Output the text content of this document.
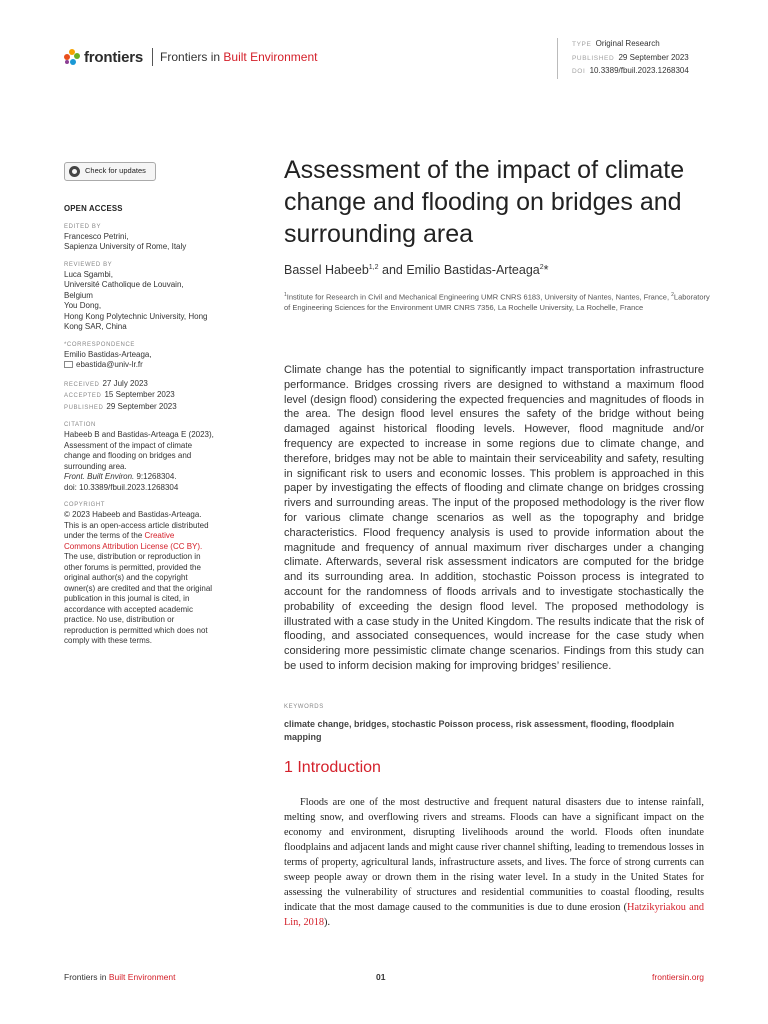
frontiers Frontiers in Built Environment
TYPE Original Research
PUBLISHED 29 September 2023
DOI 10.3389/fbuil.2023.1268304
Check for updates
OPEN ACCESS
EDITED BY
Francesco Petrini,
Sapienza University of Rome, Italy
REVIEWED BY
Luca Sgambi,
Université Catholique de Louvain,
Belgium
You Dong,
Hong Kong Polytechnic University, Hong
Kong SAR, China
*CORRESPONDENCE
Emilio Bastidas-Arteaga,
ebastida@univ-lr.fr
RECEIVED 27 July 2023
ACCEPTED 15 September 2023
PUBLISHED 29 September 2023
CITATION
Habeeb B and Bastidas-Arteaga E (2023),
Assessment of the impact of climate
change and flooding on bridges and
surrounding area.
Front. Built Environ. 9:1268304.
doi: 10.3389/fbuil.2023.1268304
COPYRIGHT
© 2023 Habeeb and Bastidas-Arteaga.
This is an open-access article distributed
under the terms of the Creative
Commons Attribution License (CC BY).
The use, distribution or reproduction in
other forums is permitted, provided the
original author(s) and the copyright
owner(s) are credited and that the original
publication in this journal is cited, in
accordance with accepted academic
practice. No use, distribution or
reproduction is permitted which does not
comply with these terms.
Assessment of the impact of climate change and flooding on bridges and surrounding area
Bassel Habeeb$^{1,2}$ and Emilio Bastidas-Arteaga$^2$*
$^1$Institute for Research in Civil and Mechanical Engineering UMR CNRS 6183, University of Nantes, Nantes, France, $^2$Laboratory of Engineering Sciences for the Environment UMR CNRS 7356, La Rochelle University, La Rochelle, France

Climate change has the potential to significantly impact transportation infrastructure performance. Bridges crossing rivers are designed to withstand a maximum flood level (design flood) considering the expected frequencies and magnitudes of floods in the area. The design flood level ensures the safety of the bridge without being damaged against historical flooding levels. However, flood magnitude and/or frequency are expected to increase in some regions due to climate change, and therefore, bridges may not be able to maintain their serviceability and safety, resulting in significant risk to users and economic losses. This problem is approached in this paper by investigating the effects of flooding and climate change on bridges crossing rivers and surrounding areas. The input of the proposed methodology is the river flow for various climate change scenarios as well as the topography and bridge characteristics. Flood frequency analysis is used to provide information about the magnitude and frequency of annual maximum river discharges under a changing climate. Afterwards, several risk assessment indicators are computed for the bridge and its surrounding area. In addition, stochastic Poisson process is integrated to account for the randomness of floods arrivals and to investigate stochastically the probability of exceeding the design flood level. The proposed methodology is illustrated with a case study in the United Kingdom. The results indicate that the risk of flooding, and associated consequences, would increase for the case study when considering more pessimistic climate change scenarios. Findings from this study can be used to inform decision making for improving bridges’ resilience.

KEYWORDS
climate change, bridges, stochastic Poisson process, risk assessment, flooding, floodplain mapping
1 Introduction

Floods are one of the most destructive and frequent natural disasters due to intense rainfall, melting snow, and overflowing rivers and streams. Floods can have a significant impact on the economy and environment, disrupting livelihoods around the world. Floods often inundate floodplains and adjacent lands and might cause river channel shifting, leading to tremendous losses in terms of property, agricultural lands, infrastructure assets, and lives. The force of strong currents can sweep people away or drown them in the rising water level. In a study in the United States for assessing the vulnerability of structures and residential communities to coastal flooding, results indicate that the most damage caused to the communities is due to dune erosion (Hatzikyriakou and Lin, 2018).

Frontiers in Built Environment	01	frontiersin.org
